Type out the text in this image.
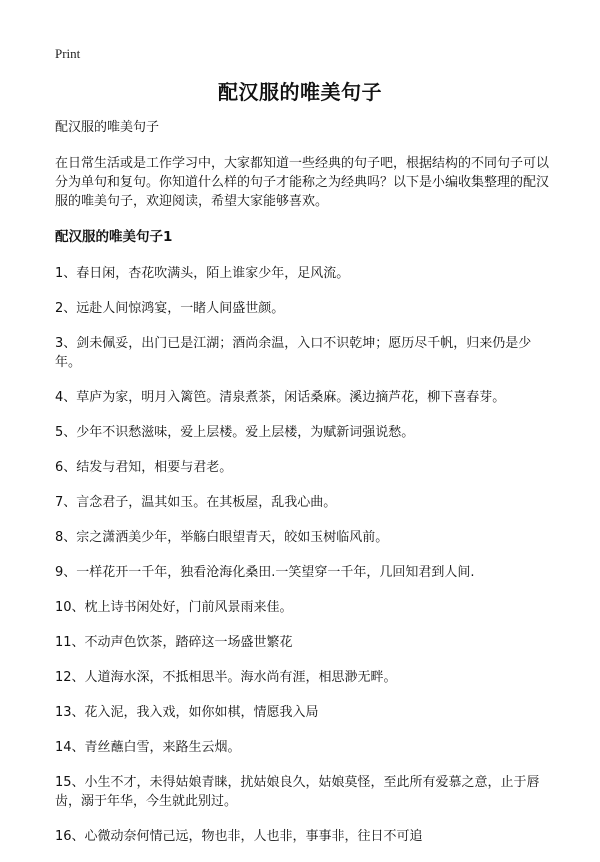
Print
配汉服的唯美句子

配汉服的唯美句子

在日常生活或是工作学习中，大家都知道一些经典的句子吧，根据结构的不同句子可以分为单句和复句。你知道什么样的句子才能称之为经典吗？以下是小编收集整理的配汉服的唯美句子，欢迎阅读，希望大家能够喜欢。

配汉服的唯美句子1

1、春日闲，杏花吹满头，陌上谁家少年，足风流。
2、远赴人间惊鸿宴，一睹人间盛世颜。
3、剑未佩妥，出门已是江湖；酒尚余温，入口不识乾坤；愿历尽千帆，归来仍是少年。
4、草庐为家，明月入篱笆。清泉煮茶，闲话桑麻。溪边摘芦花，柳下喜春芽。
5、少年不识愁滋味，爱上层楼。爱上层楼，为赋新词强说愁。
6、结发与君知，相要与君老。
7、言念君子，温其如玉。在其板屋，乱我心曲。
8、宗之潇洒美少年，举觞白眼望青天，皎如玉树临风前。
9、一样花开一千年，独看沧海化桑田.一笑望穿一千年，几回知君到人间.
10、枕上诗书闲处好，门前风景雨来佳。
11、不动声色饮茶，踏碎这一场盛世繁花
12、人道海水深，不抵相思半。海水尚有涯，相思渺无畔。
13、花入泥，我入戏，如你如棋，情愿我入局
14、青丝蘸白雪，来路生云烟。
15、小生不才，未得姑娘青睐，扰姑娘良久，姑娘莫怪，至此所有爱慕之意，止于唇齿，溺于年华，今生就此别过。
16、心微动奈何情己远，物也非，人也非，事事非，往日不可追
